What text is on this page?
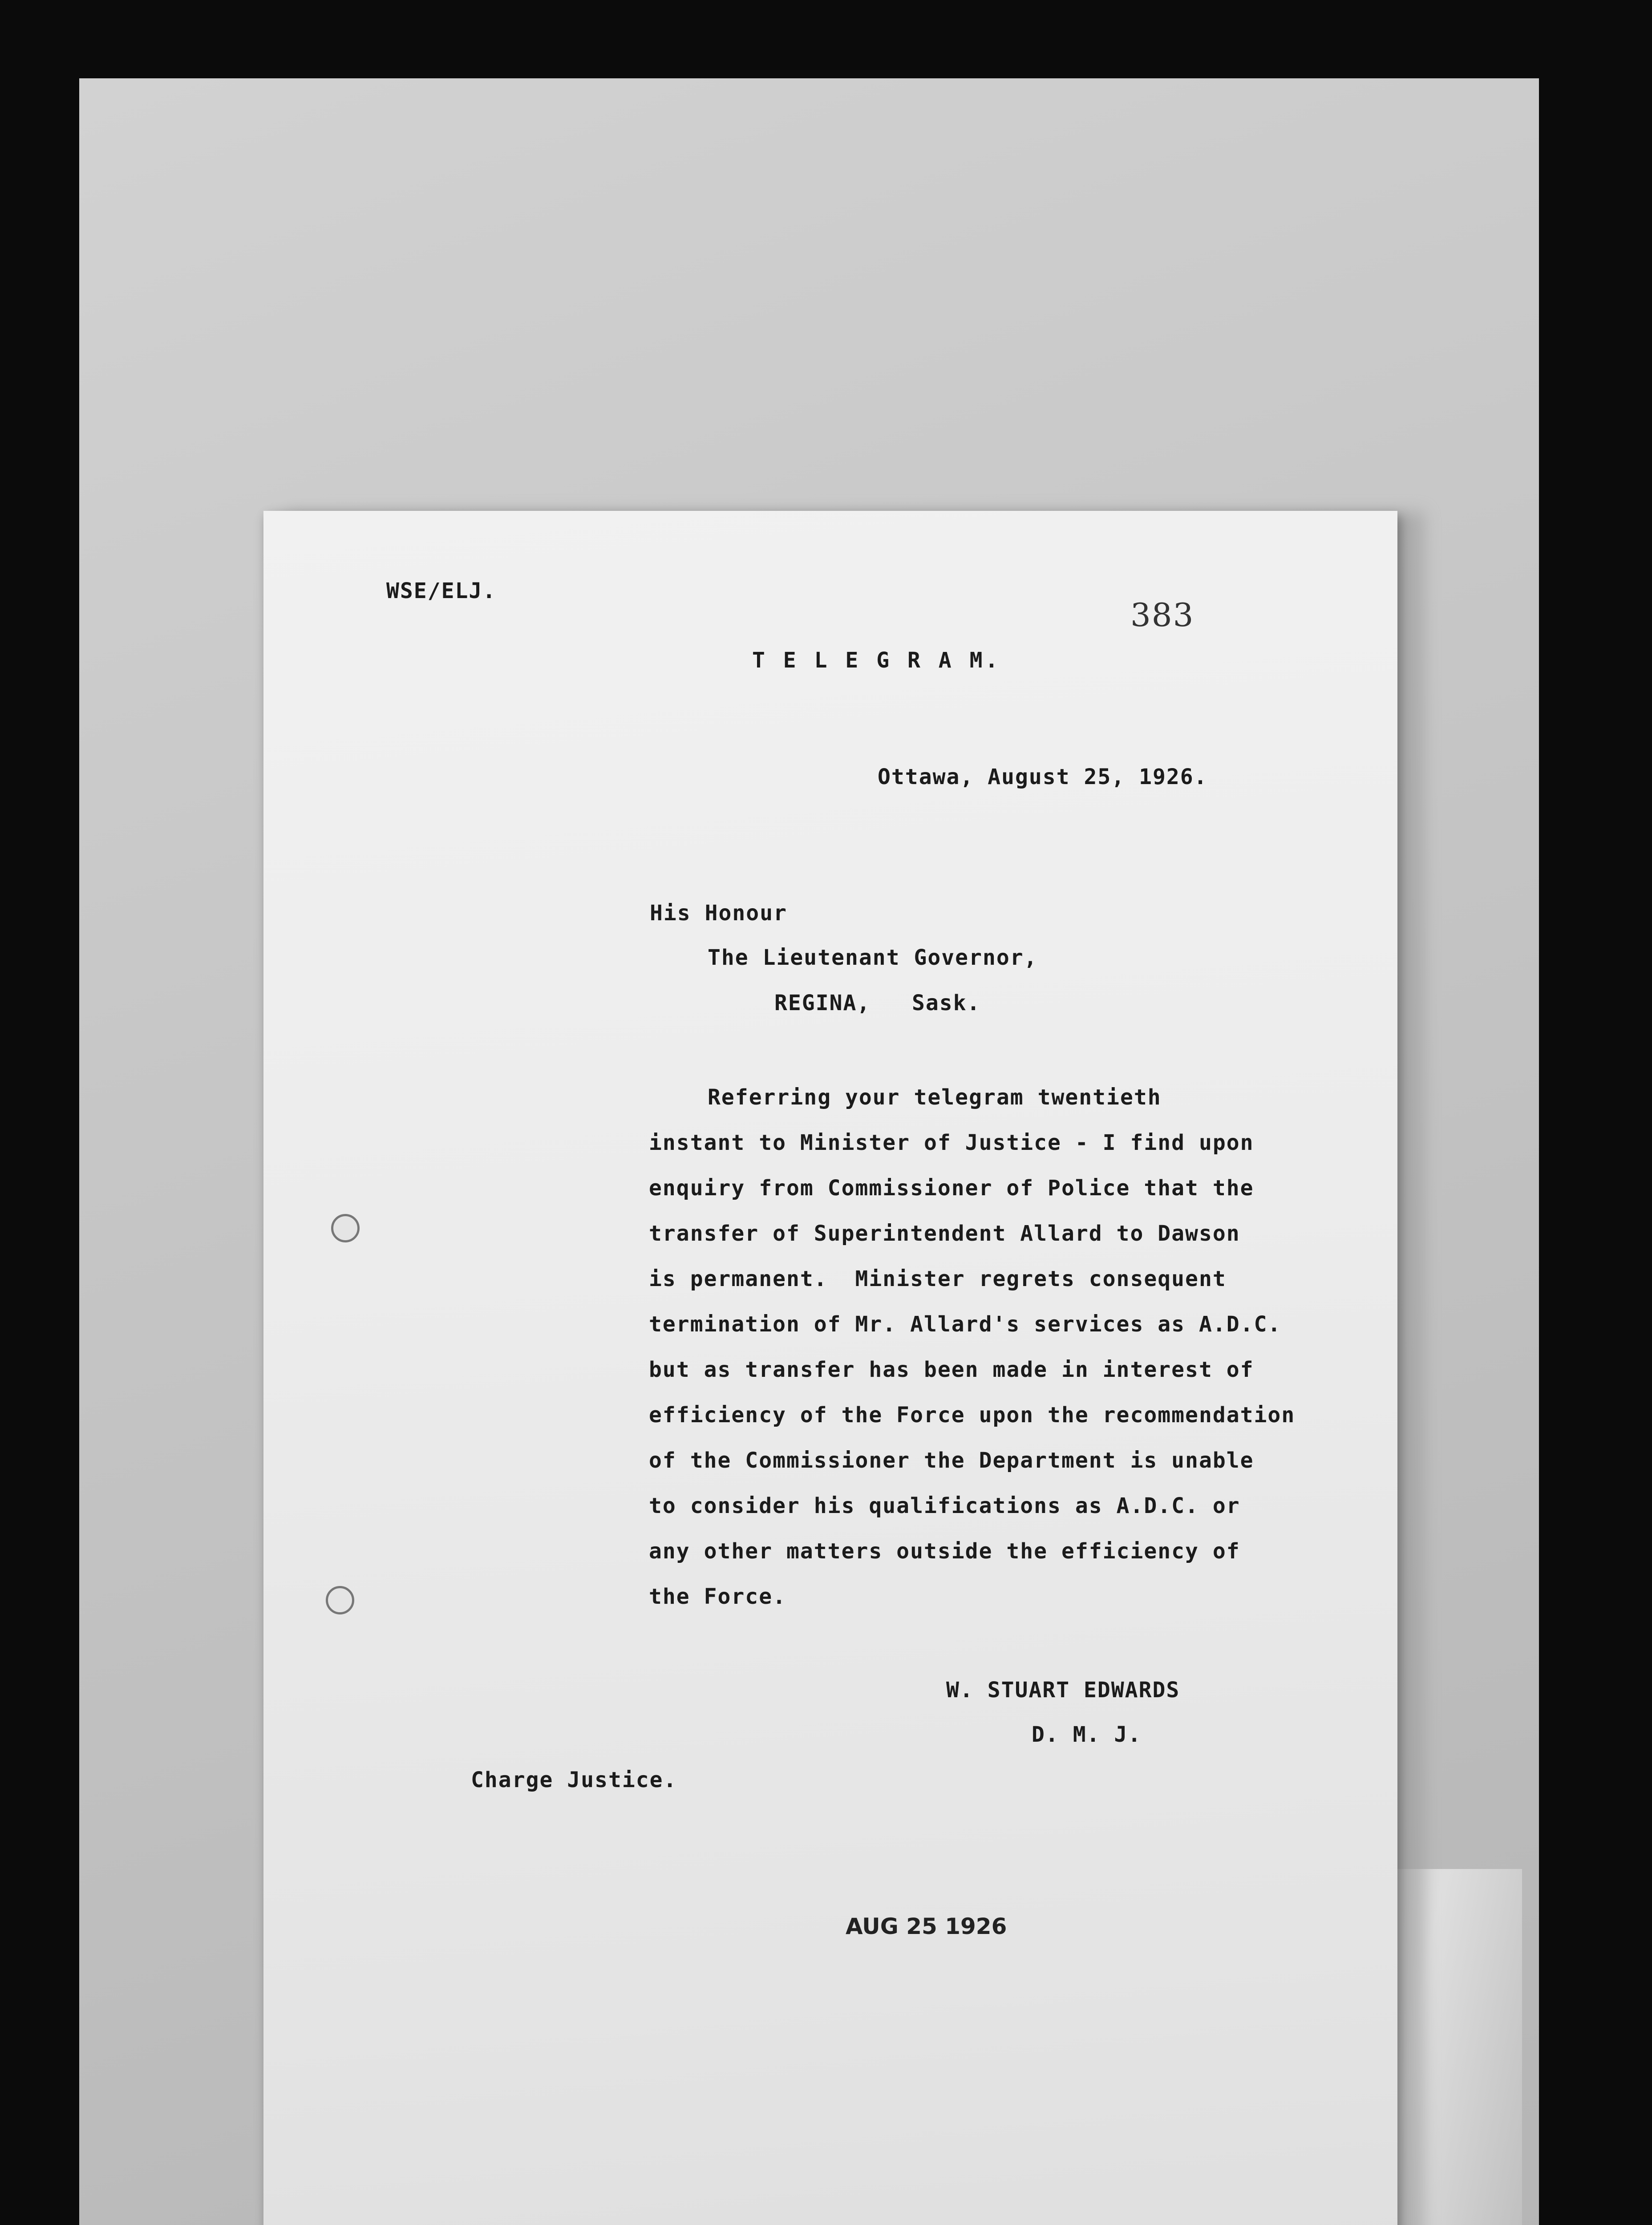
WSE/ELJ.
383
T E L E G R A M.
Ottawa, August 25, 1926.
His Honour
The Lieutenant Governor,
REGINA,   Sask.
Referring your telegram twentieth
instant to Minister of Justice - I find upon
enquiry from Commissioner of Police that the
transfer of Superintendent Allard to Dawson
is permanent.  Minister regrets consequent
termination of Mr. Allard's services as A.D.C.
but as transfer has been made in interest of
efficiency of the Force upon the recommendation
of the Commissioner the Department is unable
to consider his qualifications as A.D.C. or
any other matters outside the efficiency of
the Force.
W. STUART EDWARDS
D. M. J.
Charge Justice.
AUG 25 1926
